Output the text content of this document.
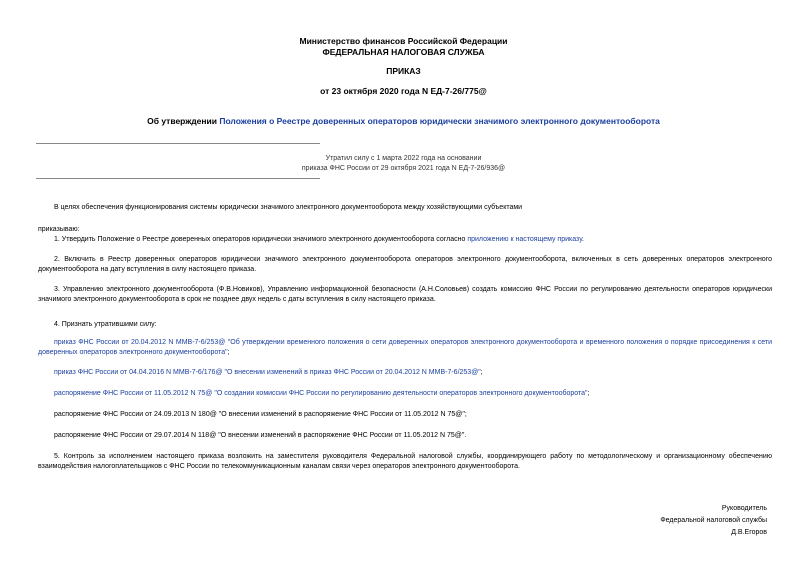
Министерство финансов Российской Федерации
ФЕДЕРАЛЬНАЯ НАЛОГОВАЯ СЛУЖБА
ПРИКАЗ
от 23 октября 2020 года N ЕД-7-26/775@
Об утверждении Положения о Реестре доверенных операторов юридически значимого электронного документооборота
Утратил силу с 1 марта 2022 года на основании
приказа ФНС России от 29 октября 2021 года N ЕД-7-26/936@
В целях обеспечения функционирования системы юридически значимого электронного документооборота между хозяйствующими субъектами
приказываю:
1. Утвердить Положение о Реестре доверенных операторов юридически значимого электронного документооборота согласно приложению к настоящему приказу.
2. Включить в Реестр доверенных операторов юридически значимого электронного документооборота операторов электронного документооборота, включенных в сеть доверенных операторов электронного документооборота на дату вступления в силу настоящего приказа.
3. Управлению электронного документооборота (Ф.В.Новиков), Управлению информационной безопасности (А.Н.Соловьев) создать комиссию ФНС России по регулированию деятельности операторов юридически значимого электронного документооборота в срок не позднее двух недель с даты вступления в силу настоящего приказа.
4. Признать утратившими силу:
приказ ФНС России от 20.04.2012 N ММВ-7-6/253@ "Об утверждении временного положения о сети доверенных операторов электронного документооборота и временного положения о порядке присоединения к сети доверенных операторов электронного документооборота";
приказ ФНС России от 04.04.2016 N ММВ-7-6/176@ "О внесении изменений в приказ ФНС России от 20.04.2012 N ММВ-7-6/253@";
распоряжение ФНС России от 11.05.2012 N 75@ "О создании комиссии ФНС России по регулированию деятельности операторов электронного документооборота";
распоряжение ФНС России от 24.09.2013 N 180@ "О внесении изменений в распоряжение ФНС России от 11.05.2012 N 75@";
распоряжение ФНС России от 29.07.2014 N 118@ "О внесении изменений в распоряжение ФНС России от 11.05.2012 N 75@".
5. Контроль за исполнением настоящего приказа возложить на заместителя руководителя Федеральной налоговой службы, координирующего работу по методологическому и организационному обеспечению взаимодействия налогоплательщиков с ФНС России по телекоммуникационным каналам связи через операторов электронного документооборота.
Руководитель
Федеральной налоговой службы
Д.В.Егоров
